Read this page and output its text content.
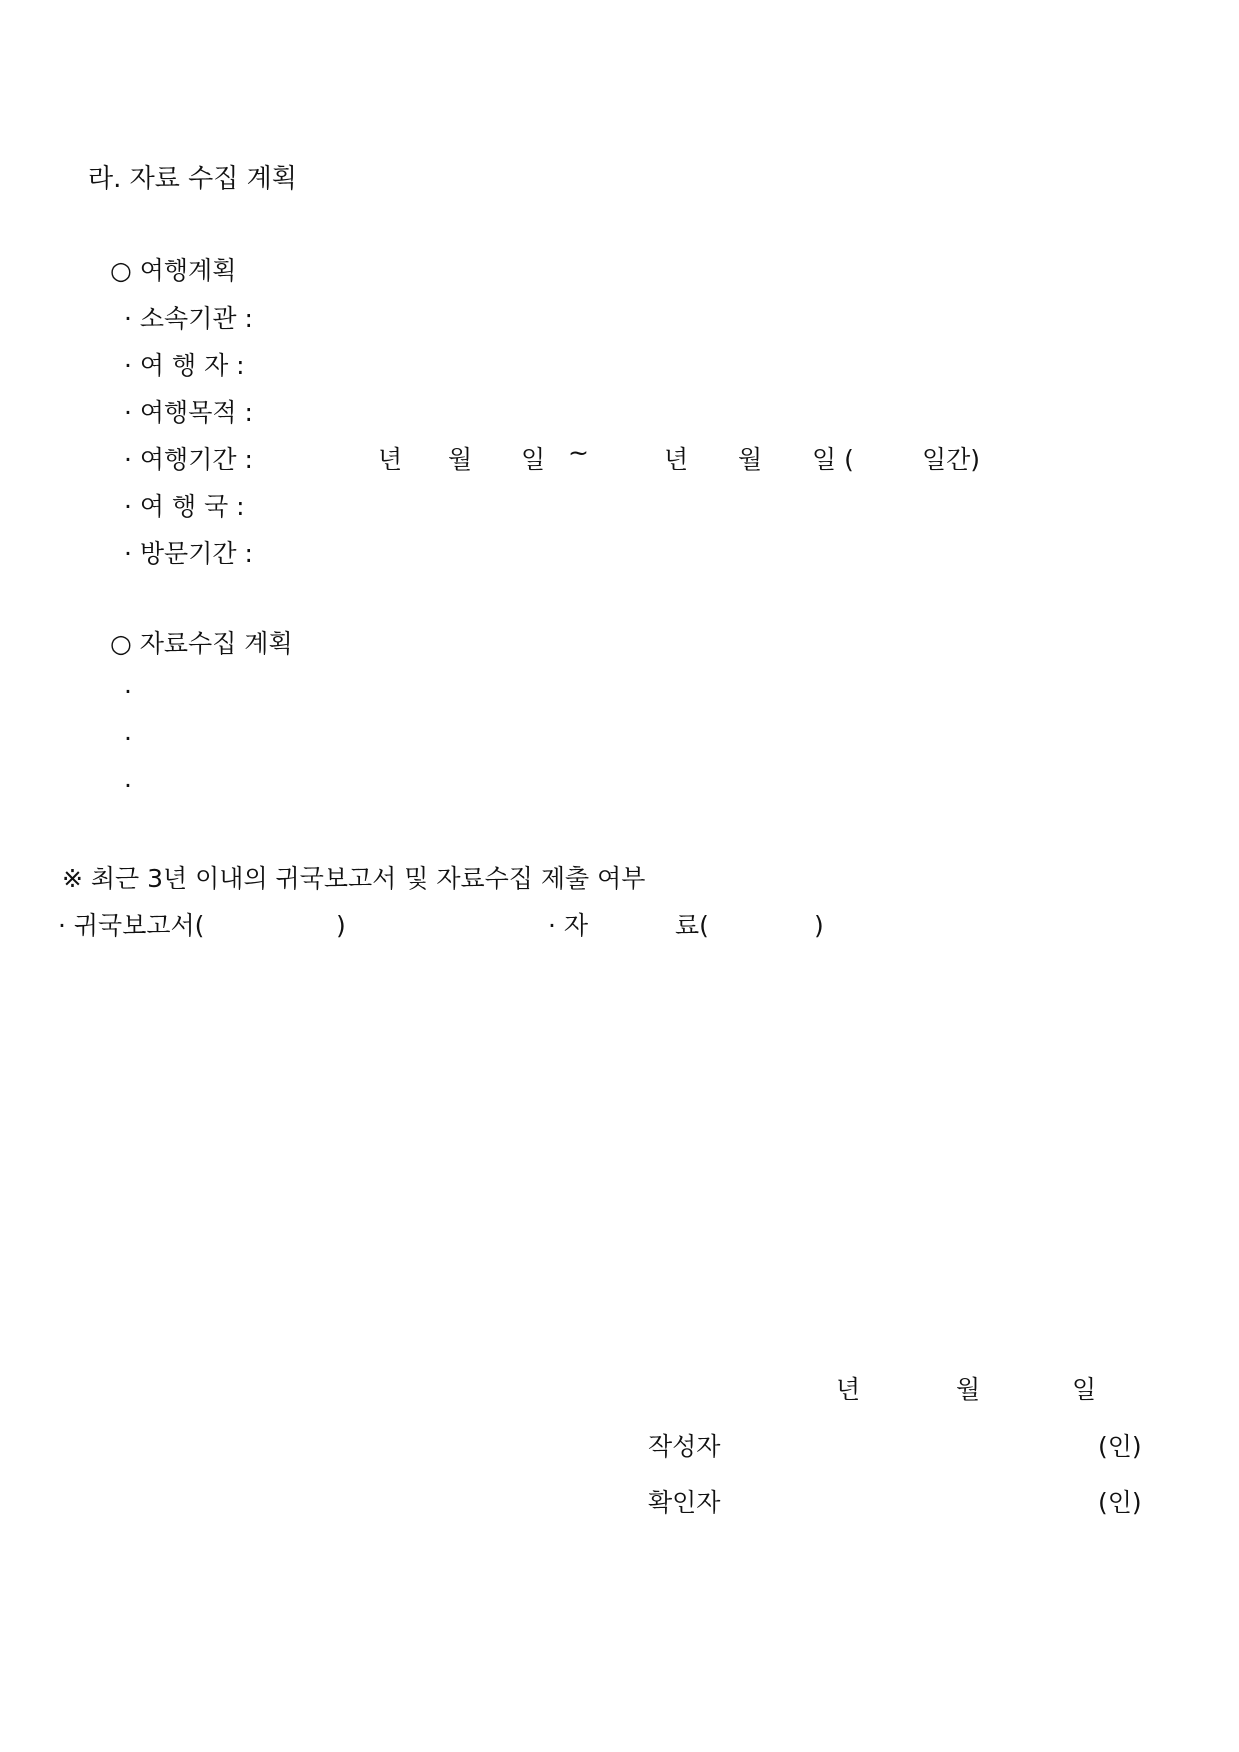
라. 자료 수집 계획
○ 여행계획
· 소속기관 :
· 여 행 자 :
· 여행목적 :
· 여행기간 :	년 월 일 ~	년 월 일 (	일간)
· 여 행 국 :
· 방문기간 :
○ 자료수집 계획
·
·
·
※ 최근 3년 이내의 귀국보고서 및 자료수집 제출 여부
· 귀국보고서(	)	· 자	료(	)
년	월	일
작성자	(인)
확인자	(인)
